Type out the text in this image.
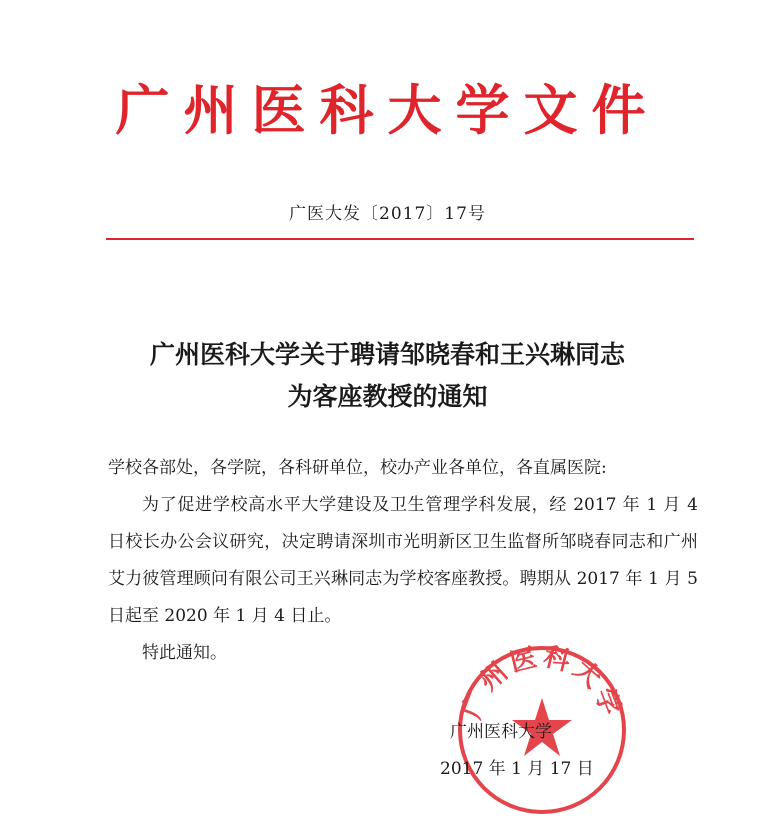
广州医科大学文件
广医大发〔2017〕17号
广州医科大学关于聘请邹晓春和王兴琳同志
为客座教授的通知

学校各部处，各学院，各科研单位，校办产业各单位，各直属医院:

为了促进学校高水平大学建设及卫生管理学科发展，经 2017 年 1 月 4 日校长办公会议研究，决定聘请深圳市光明新区卫生监督所邹晓春同志和广州艾力彼管理顾问有限公司王兴琳同志为学校客座教授。聘期从 2017 年 1 月 5 日起至 2020 年 1 月 4 日止。

特此通知。

广州医科大学
广州医科大学
2017 年 1 月 17 日
